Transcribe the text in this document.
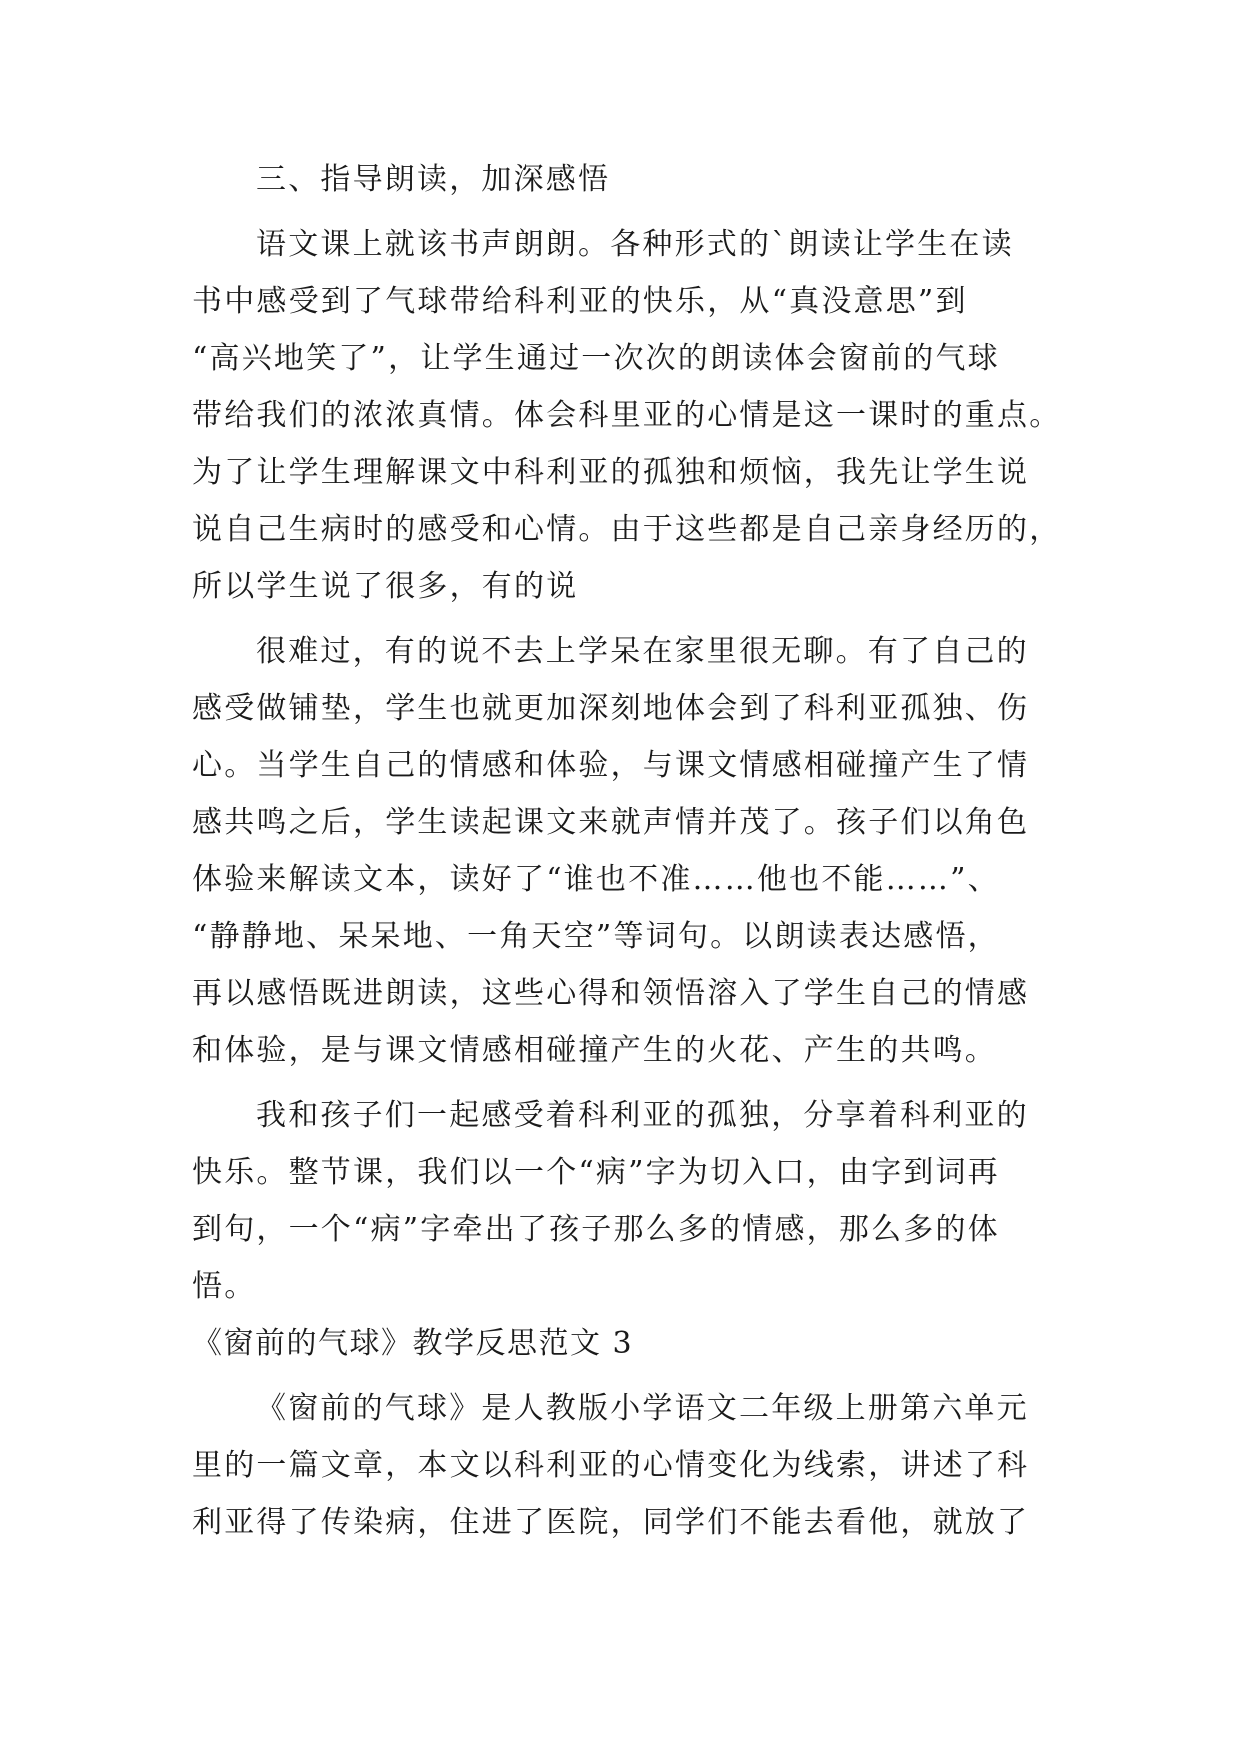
三、指导朗读，加深感悟
语文课上就该书声朗朗。各种形式的`朗读让学生在读
书中感受到了气球带给科利亚的快乐，从“真没意思”到
“高兴地笑了”，让学生通过一次次的朗读体会窗前的气球
带给我们的浓浓真情。体会科里亚的心情是这一课时的重点。
为了让学生理解课文中科利亚的孤独和烦恼，我先让学生说
说自己生病时的感受和心情。由于这些都是自己亲身经历的，
所以学生说了很多，有的说
很难过，有的说不去上学呆在家里很无聊。有了自己的
感受做铺垫，学生也就更加深刻地体会到了科利亚孤独、伤
心。当学生自己的情感和体验，与课文情感相碰撞产生了情
感共鸣之后，学生读起课文来就声情并茂了。孩子们以角色
体验来解读文本，读好了“谁也不准……他也不能……”、
“静静地、呆呆地、一角天空”等词句。以朗读表达感悟，
再以感悟既进朗读，这些心得和领悟溶入了学生自己的情感
和体验，是与课文情感相碰撞产生的火花、产生的共鸣。
我和孩子们一起感受着科利亚的孤独，分享着科利亚的
快乐。整节课，我们以一个“病”字为切入口，由字到词再
到句，一个“病”字牵出了孩子那么多的情感，那么多的体
悟。
《窗前的气球》教学反思范文 3
《窗前的气球》是人教版小学语文二年级上册第六单元
里的一篇文章，本文以科利亚的心情变化为线索，讲述了科
利亚得了传染病，住进了医院，同学们不能去看他，就放了
